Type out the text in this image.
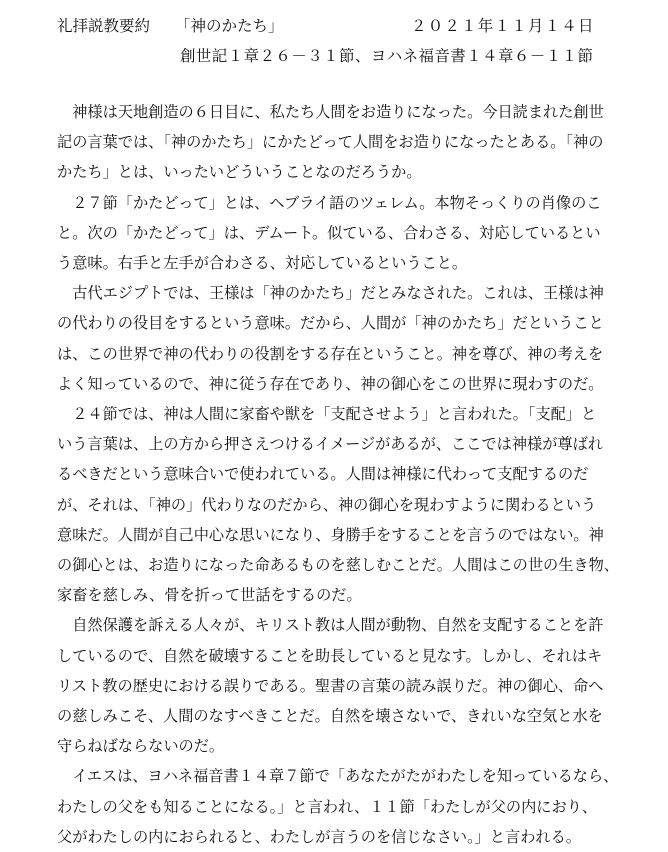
礼拝説教要約 「神のかたち」	２０２１年１１月１４日
創世記１章２６－３１節、ヨハネ福音書１４章６－１１節
神様は天地創造の６日目に、私たち人間をお造りになった。今日読まれた創世
記の言葉では、「神のかたち」にかたどって人間をお造りになったとある。「神の
かたち」とは、いったいどういうことなのだろうか。
２７節「かたどって」とは、ヘブライ語のツェレム。本物そっくりの肖像のこ
と。次の「かたどって」は、デムート。似ている、合わさる、対応しているとい
う意味。右手と左手が合わさる、対応しているということ。
古代エジプトでは、王様は「神のかたち」だとみなされた。これは、王様は神
の代わりの役目をするという意味。だから、人間が「神のかたち」だということ
は、この世界で神の代わりの役割をする存在ということ。神を尊び、神の考えを
よく知っているので、神に従う存在であり、神の御心をこの世界に現わすのだ。
２４節では、神は人間に家畜や獣を「支配させよう」と言われた。「支配」と
いう言葉は、上の方から押さえつけるイメージがあるが、ここでは神様が尊ばれ
るべきだという意味合いで使われている。人間は神様に代わって支配するのだ
が、それは、「神の」代わりなのだから、神の御心を現わすように関わるという
意味だ。人間が自己中心な思いになり、身勝手をすることを言うのではない。神
の御心とは、お造りになった命あるものを慈しむことだ。人間はこの世の生き物、
家畜を慈しみ、骨を折って世話をするのだ。
自然保護を訴える人々が、キリスト教は人間が動物、自然を支配することを許
しているので、自然を破壊することを助長していると見なす。しかし、それはキ
リスト教の歴史における誤りである。聖書の言葉の読み誤りだ。神の御心、命へ
の慈しみこそ、人間のなすべきことだ。自然を壊さないで、きれいな空気と水を
守らねばならないのだ。
イエスは、ヨハネ福音書１４章７節で「あなたがたがわたしを知っているなら、
わたしの父をも知ることになる。」と言われ、１１節「わたしが父の内におり、
父がわたしの内におられると、わたしが言うのを信じなさい。」と言われる。
